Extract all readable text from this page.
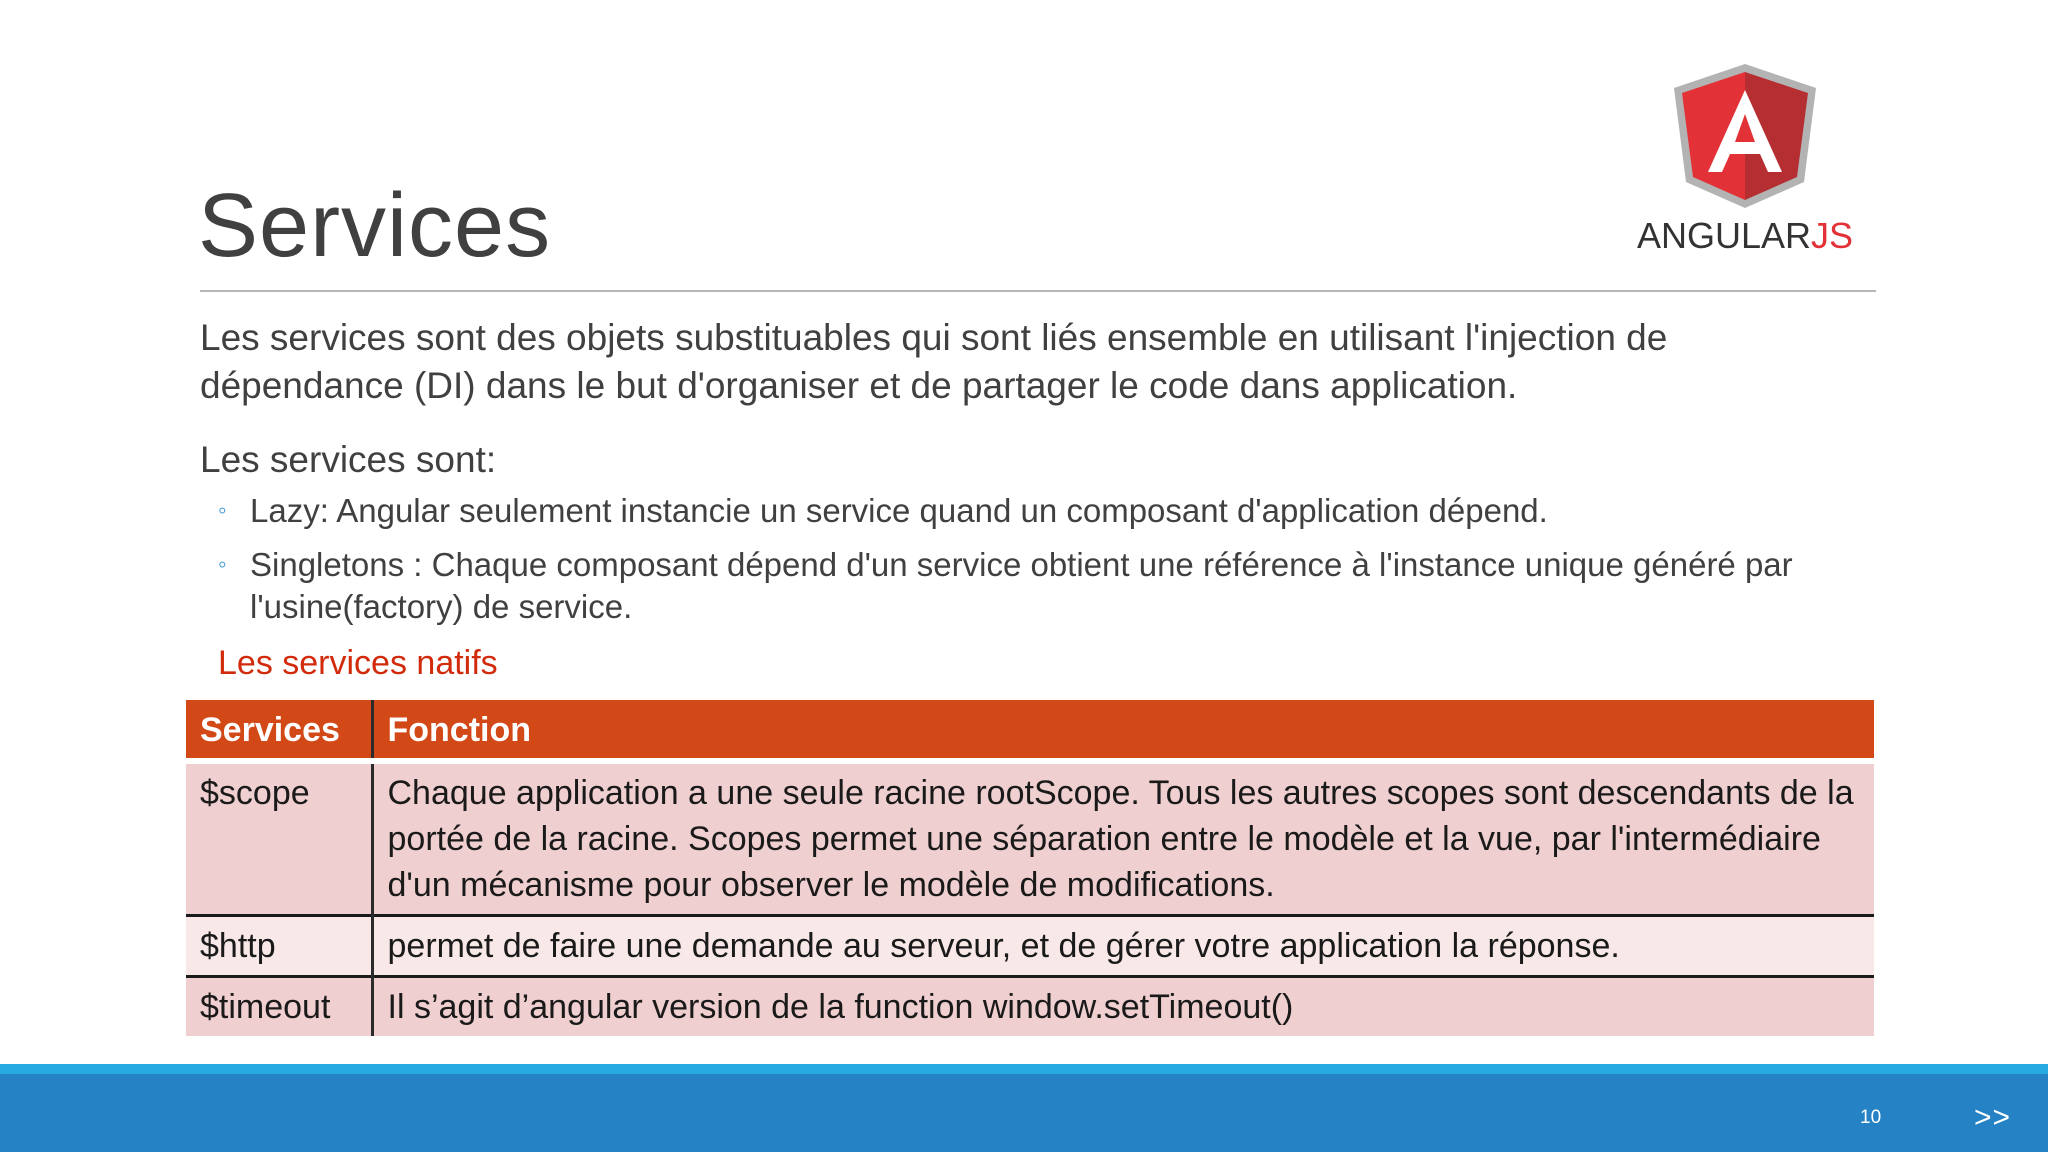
Services	ANGULARJS

Les services sont des objets substituables qui sont liés ensemble en utilisant l'injection de dépendance (DI) dans le but d'organiser et de partager le code dans application.

Les services sont:

◦ Lazy: Angular seulement instancie un service quand un composant d'application dépend.
◦ Singletons : Chaque composant dépend d'un service obtient une référence à l'instance unique généré par l'usine(factory) de service.

Les services natifs

Services	Fonction
$scope	Chaque application a une seule racine rootScope. Tous les autres scopes sont descendants de la portée de la racine. Scopes permet une séparation entre le modèle et la vue, par l'intermédiaire d'un mécanisme pour observer le modèle de modifications.
$http	permet de faire une demande au serveur, et de gérer votre application la réponse.
$timeout	Il s’agit d’angular version de la function window.setTimeout()
10	>>
